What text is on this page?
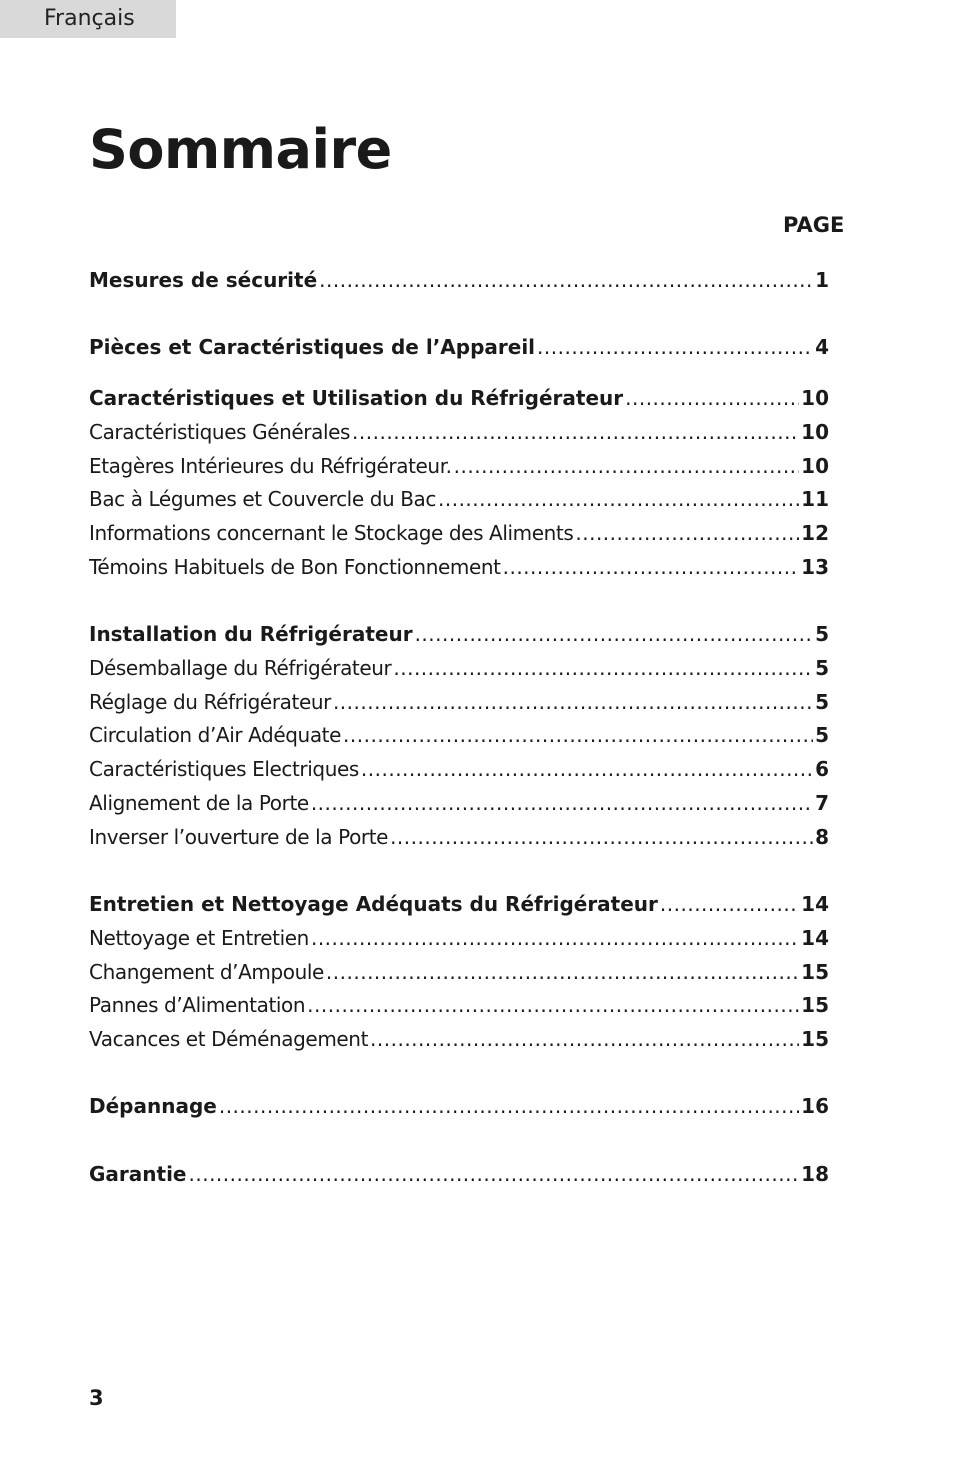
Français
Sommaire
PAGE
Mesures de sécurité .....	1
Pièces et Caractéristiques de l’Appareil .....	4
Caractéristiques et Utilisation du Réfrigérateur .....	10
Caractéristiques Générales .....	10
Etagères Intérieures du Réfrigérateur. .....	10
Bac à Légumes et Couvercle du Bac .....	11
Informations concernant le Stockage des Aliments .....	12
Témoins Habituels de Bon Fonctionnement .....	13
Installation du Réfrigérateur .....	5
Désemballage du Réfrigérateur .....	5
Réglage du Réfrigérateur .....	5
Circulation d’Air Adéquate .....	5
Caractéristiques Electriques .....	6
Alignement de la Porte .....	7
Inverser l’ouverture de la Porte .....	8
Entretien et Nettoyage Adéquats du Réfrigérateur .....	14
Nettoyage et Entretien .....	14
Changement d’Ampoule .....	15
Pannes d’Alimentation .....	15
Vacances et Déménagement .....	15
Dépannage .....	16
Garantie .....	18
3
